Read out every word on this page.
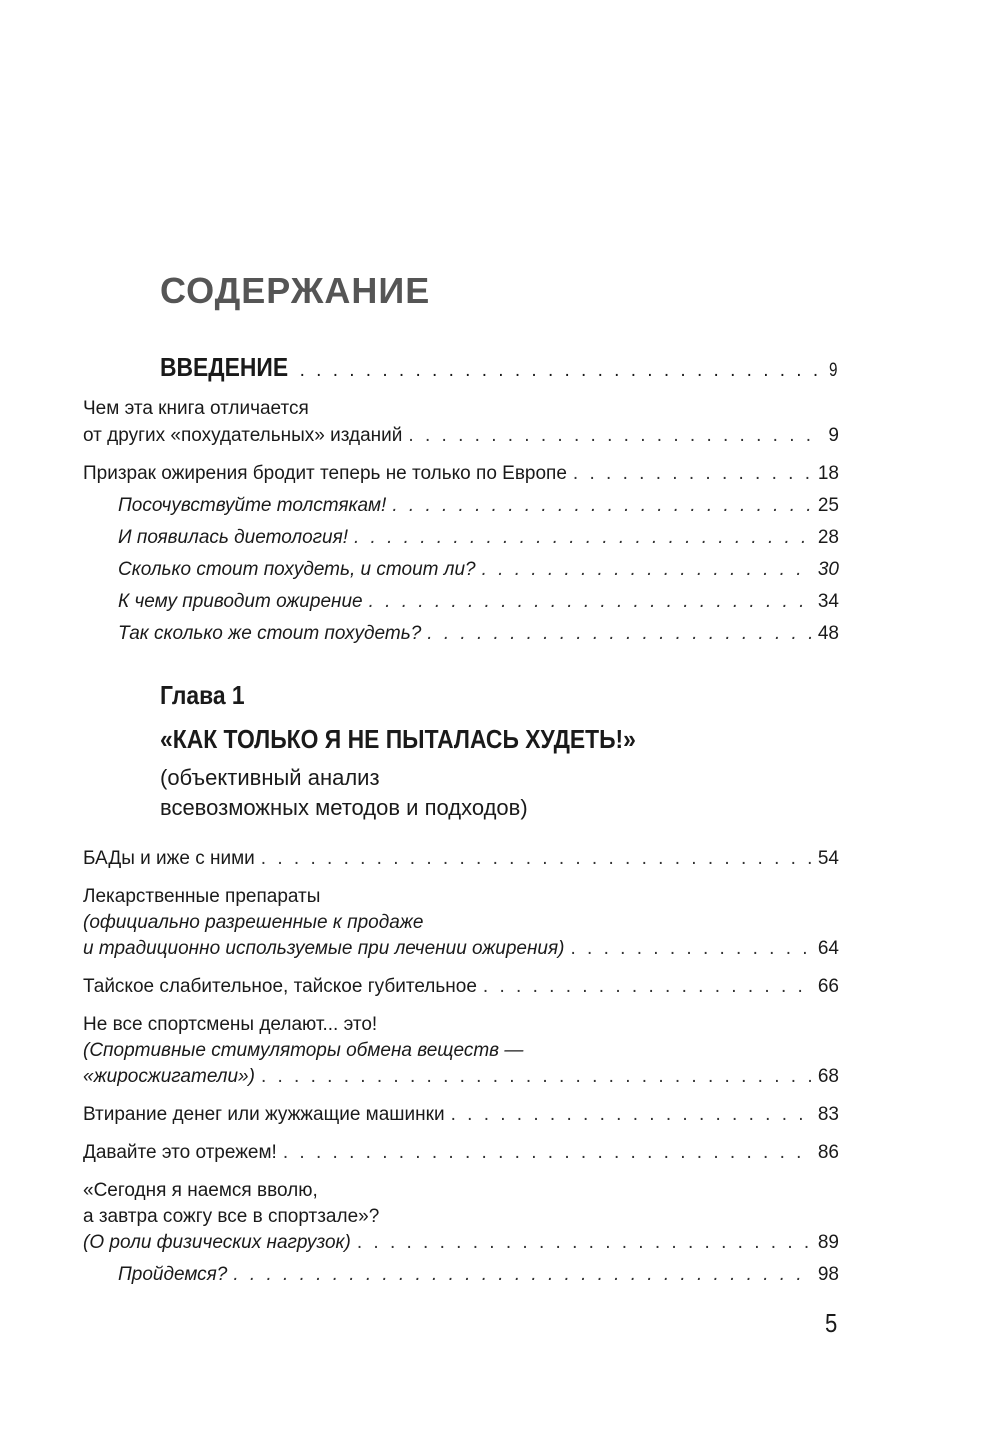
СОДЕРЖАНИЕ
ВВЕДЕНИЕ . . .	9
Чем эта книга отличается
от других «похудательных» изданий . . .	9
Призрак ожирения бродит теперь не только по Европе . . .	18
Посочувствуйте толстякам! . . .	25
И появилась диетология! . . .	28
Сколько стоит похудеть, и стоит ли? . . .	30
К чему приводит ожирение . . .	34
Так сколько же стоит похудеть? . . .	48
Глава 1
«КАК ТОЛЬКО Я НЕ ПЫТАЛАСЬ ХУДЕТЬ!»
(объективный анализ
всевозможных методов и подходов)
БАДы и иже с ними . . .	54
Лекарственные препараты
(официально разрешенные к продаже
и традиционно используемые при лечении ожирения) . . .	64
Тайское слабительное, тайское губительное . . .	66
Не все спортсмены делают... это!
(Спортивные стимуляторы обмена веществ —
«жиросжигатели») . . .	68
Втирание денег или жужжащие машинки . . .	83
Давайте это отрежем! . . .	86
«Сегодня я наемся вволю,
а завтра сожгу все в спортзале»?
(О роли физических нагрузок) . . .	89
Пройдемся? . . .	98
5
